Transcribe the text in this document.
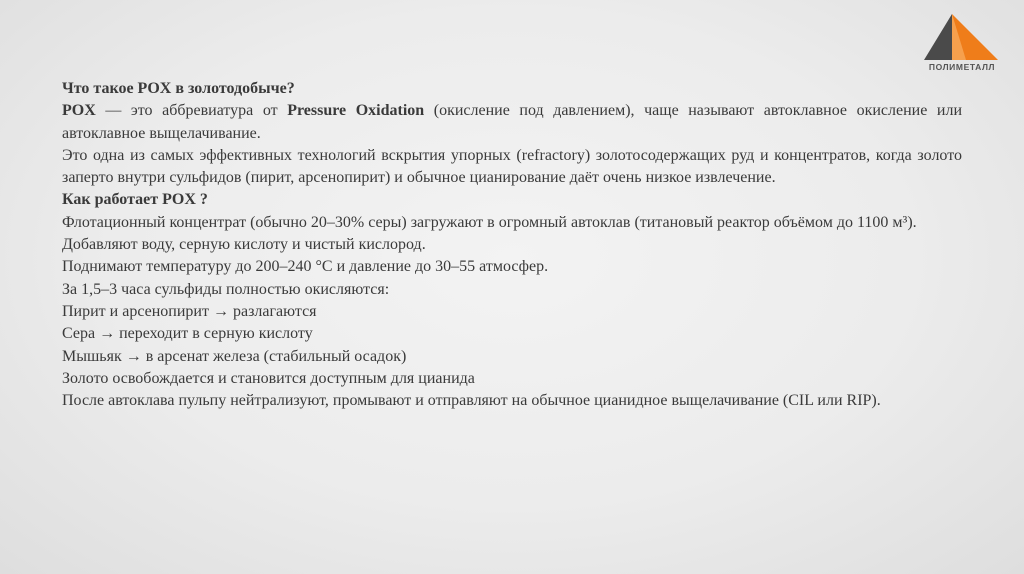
ПОЛИМЕТАЛЛ

Что такое POX в золотодобыче?

POX — это аббревиатура от Pressure Oxidation (окисление под давлением), чаще называют автоклавное окисление или автоклавное выщелачивание.

Это одна из самых эффективных технологий вскрытия упорных (refractory) золотосодержащих руд и концентратов, когда золото заперто внутри сульфидов (пирит, арсенопирит) и обычное цианирование даёт очень низкое извлечение.

Как работает POX ?

Флотационный концентрат (обычно 20–30% серы) загружают в огромный автоклав (титановый реактор объёмом до 1100 м³).

Добавляют воду, серную кислоту и чистый кислород.

Поднимают температуру до 200–240 °C и давление до 30–55 атмосфер.

За 1,5–3 часа сульфиды полностью окисляются:

Пирит и арсенопирит → разлагаются

Сера → переходит в серную кислоту

Мышьяк → в арсенат железа (стабильный осадок)

Золото освобождается и становится доступным для цианида

После автоклава пульпу нейтрализуют, промывают и отправляют на обычное цианидное выщелачивание (CIL или RIP).
